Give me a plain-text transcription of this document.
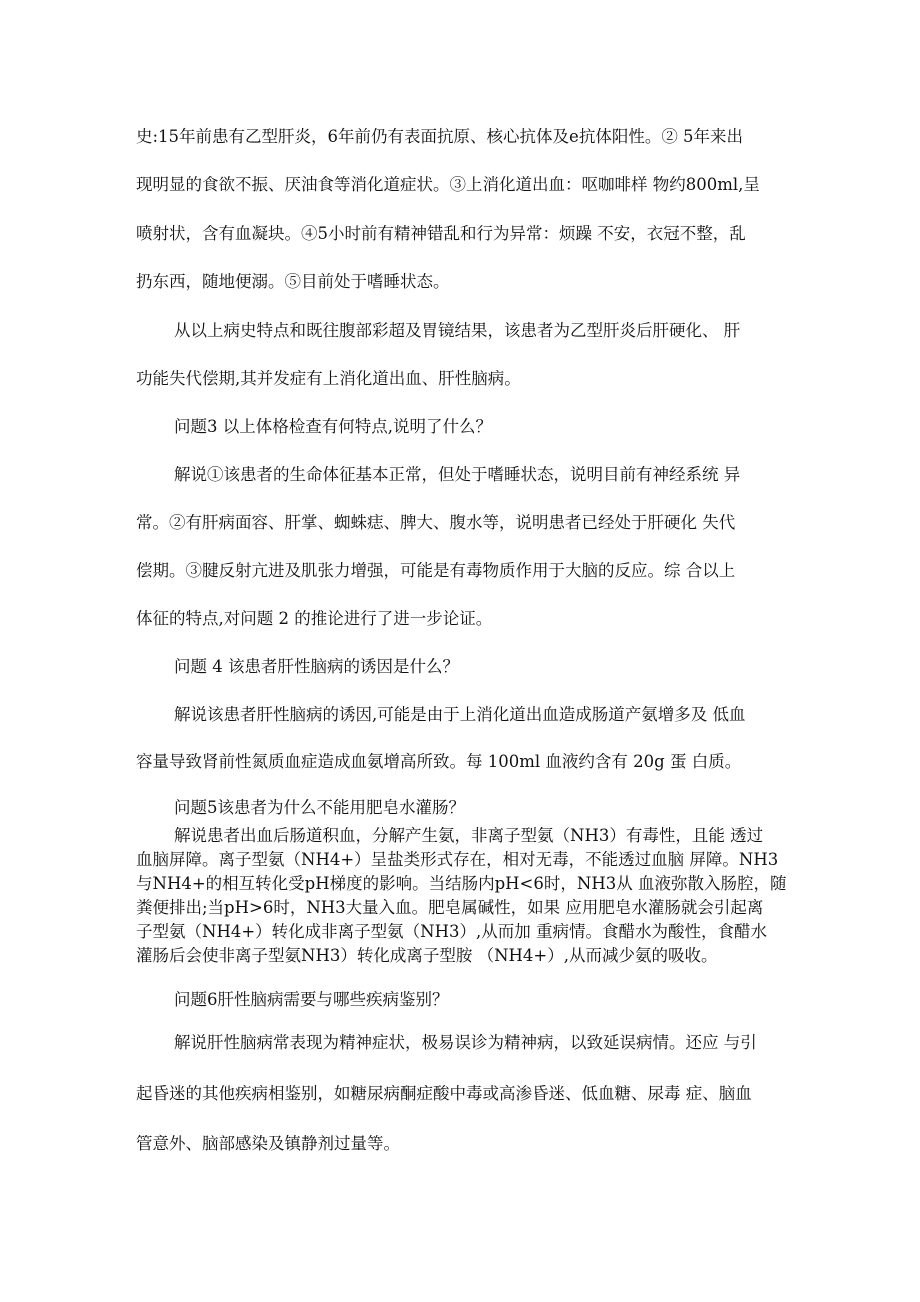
史:15年前患有乙型肝炎，6年前仍有表面抗原、核心抗体及e抗体阳性。② 5年来出
现明显的食欲不振、厌油食等消化道症状。③上消化道出血：呕咖啡样 物约800ml,呈
喷射状，含有血凝块。④5小时前有精神错乱和行为异常：烦躁 不安，衣冠不整，乱
扔东西，随地便溺。⑤目前处于嗜睡状态。
从以上病史特点和既往腹部彩超及胃镜结果，该患者为乙型肝炎后肝硬化、 肝
功能失代偿期,其并发症有上消化道出血、肝性脑病。
问题3 以上体格检查有何特点,说明了什么？
解说①该患者的生命体征基本正常，但处于嗜睡状态，说明目前有神经系统 异
常。②有肝病面容、肝掌、蜘蛛痣、脾大、腹水等，说明患者已经处于肝硬化 失代
偿期。③腱反射亢进及肌张力增强，可能是有毒物质作用于大脑的反应。综 合以上
体征的特点,对问题 2 的推论进行了进一步论证。
问题 4 该患者肝性脑病的诱因是什么？
解说该患者肝性脑病的诱因,可能是由于上消化道出血造成肠道产氨增多及 低血
容量导致肾前性氮质血症造成血氨增高所致。每 100ml 血液约含有 20g 蛋 白质。
问题5该患者为什么不能用肥皂水灌肠？
解说患者出血后肠道积血，分解产生氨，非离子型氨（NH3）有毒性，且能 透过
血脑屏障。离子型氨（NH4+）呈盐类形式存在，相对无毒，不能透过血脑 屏障。NH3
与NH4+的相互转化受pH梯度的影响。当结肠内pH<6时，NH3从 血液弥散入肠腔，随
粪便排出;当pH>6时，NH3大量入血。肥皂属碱性，如果 应用肥皂水灌肠就会引起离
子型氨（NH4+）转化成非离子型氨（NH3）,从而加 重病情。食醋水为酸性，食醋水
灌肠后会使非离子型氨NH3）转化成离子型胺 （NH4+）,从而减少氨的吸收。
问题6肝性脑病需要与哪些疾病鉴别？
解说肝性脑病常表现为精神症状，极易误诊为精神病，以致延误病情。还应 与引
起昏迷的其他疾病相鉴别，如糖尿病酮症酸中毒或高渗昏迷、低血糖、尿毒 症、脑血
管意外、脑部感染及镇静剂过量等。
